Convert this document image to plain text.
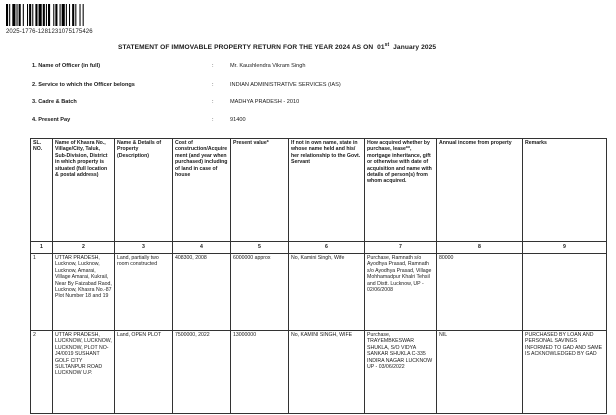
2025-1776-1281231075175426
STATEMENT OF IMMOVABLE PROPERTY RETURN FOR THE YEAR 2024 AS ON 01st January 2025
1. Name of Officer (in full)	:	Mr. Kaushlendra Vikram Singh
2. Service to which the Officer belongs	:	INDIAN ADMINISTRATIVE SERVICES (IAS)
3. Cadre & Batch	:	MADHYA PRADESH - 2010
4. Present Pay	:	91400
SL. NO.	Name of Khasra No., Village/City, Taluk, Sub-Division, District in which property is situated (full location & postal address)	Name & Details of Property (Description)	Cost of construction/Acquirement (and year when purchased) including of land in case of house	Present value*	If not in own name, state in whose name held and his/ her relationship to the Govt. Servant	How acquired whether by purchase, lease**, mortgage inheritance, gift or otherwise with date of acquisition and name with details of person(s) from whom acquired.	Annual income from property	Remarks
1	2	3	4	5	6	7	8	9
1	UTTAR PRADESH, Lucknow, Lucknow, Lucknow, Amarai, Village Amarai, Kukrail, Near By Faizabad Raod, Lucknow, Khasra No.-87 Plot Number 18 and 19	Land, partially two room constructed	408300, 2008	6000000 approx	No, Kamini Singh, Wife	Purchase, Ramnath s/o Ayodhya Prasad, Ramnath s/o Ayodhya Prasad, Village Mohhamadpur Khalri Tehsil and Distt. Lucknow, UP - 02/06/2008	80000	
2	UTTAR PRADESH, LUCKNOW, LUCKNOW, LUCKNOW, PLOT NO- J4/0019 SUSHANT GOLF CITY SULTANPUR ROAD LUCKNOW U.P.	Land, OPEN PLOT	7500000, 2022	13000000	No, KAMINI SINGH, WIFE	Purchase, TRAYEMBKESWAR SHUKLA, S/O VIDYA SANKAR SHUKLA C-335 INDIRA NAGAR LUCKNOW UP - 03/06/2022	NIL	PURCHASED BY LOAN AND PERSONAL SAVINGS INFORMED TO GAD AND SAME IS ACKNOWLEDGED BY GAD
